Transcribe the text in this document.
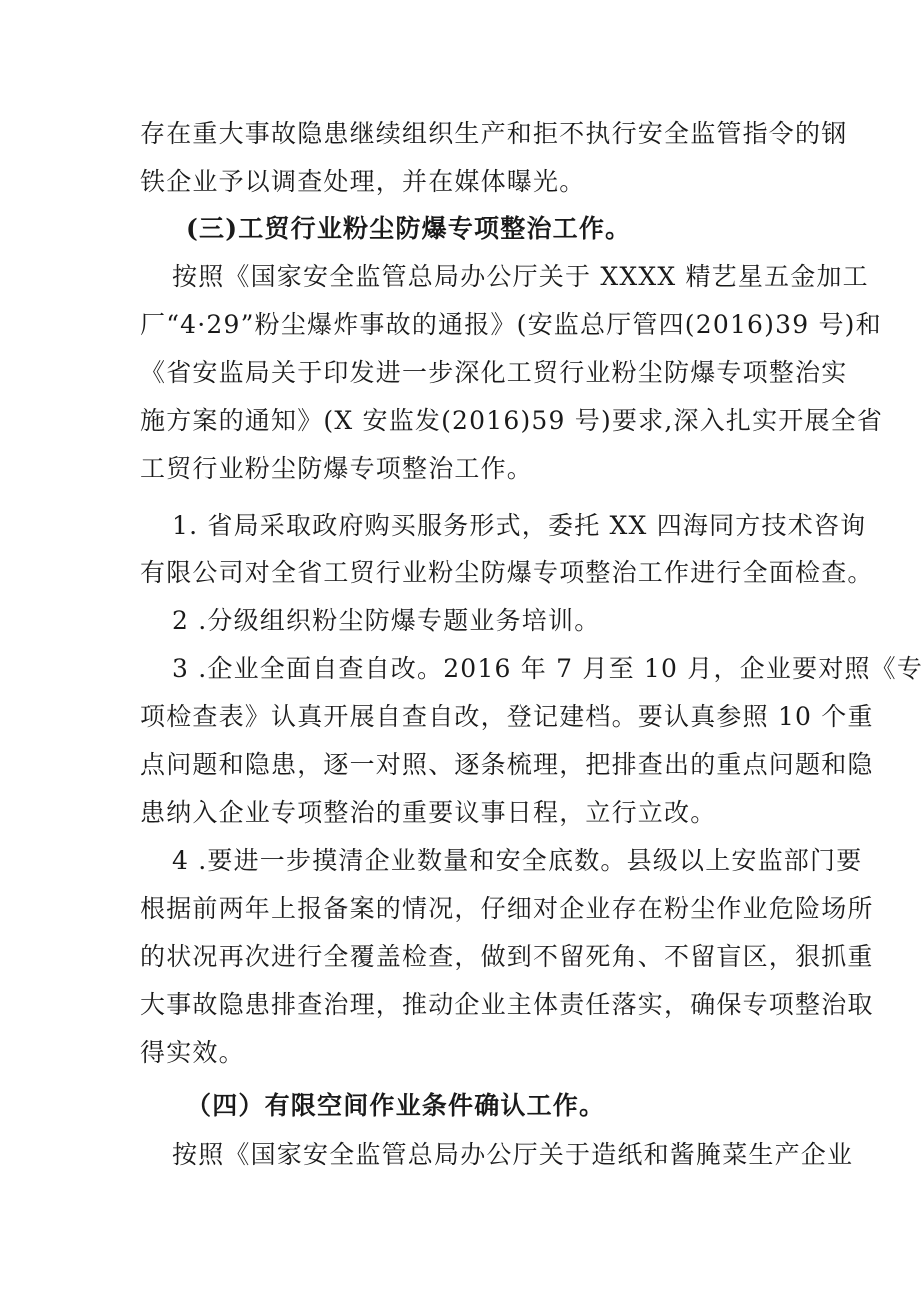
存在重大事故隐患继续组织生产和拒不执行安全监管指令的钢
铁企业予以调查处理，并在媒体曝光。
(三)工贸行业粉尘防爆专项整治工作。
按照《国家安全监管总局办公厅关于 XXXX 精艺星五金加工
厂“4·29”粉尘爆炸事故的通报》(安监总厅管四(2016)39 号)和
《省安监局关于印发进一步深化工贸行业粉尘防爆专项整治实
施方案的通知》(X 安监发(2016)59 号)要求,深入扎实开展全省
工贸行业粉尘防爆专项整治工作。
1. 省局采取政府购买服务形式，委托 XX 四海同方技术咨询
有限公司对全省工贸行业粉尘防爆专项整治工作进行全面检查。
2 .分级组织粉尘防爆专题业务培训。
3 .企业全面自查自改。2016 年 7 月至 10 月，企业要对照《专
项检查表》认真开展自查自改，登记建档。要认真参照 10 个重
点问题和隐患，逐一对照、逐条梳理，把排查出的重点问题和隐
患纳入企业专项整治的重要议事日程，立行立改。
4 .要进一步摸清企业数量和安全底数。县级以上安监部门要
根据前两年上报备案的情况，仔细对企业存在粉尘作业危险场所
的状况再次进行全覆盖检查，做到不留死角、不留盲区，狠抓重
大事故隐患排查治理，推动企业主体责任落实，确保专项整治取
得实效。
（四）有限空间作业条件确认工作。
按照《国家安全监管总局办公厅关于造纸和酱腌菜生产企业
